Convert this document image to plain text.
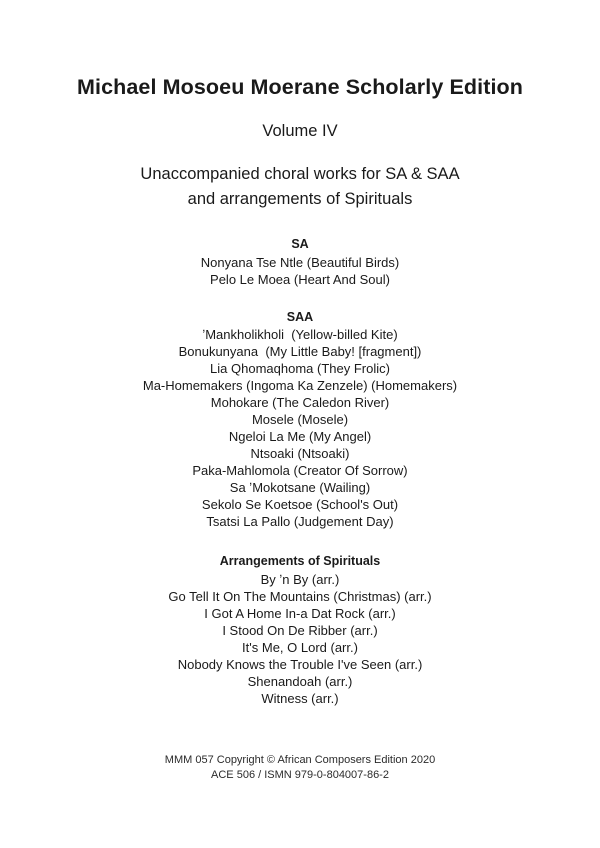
Michael Mosoeu Moerane Scholarly Edition
Volume IV
Unaccompanied choral works for SA & SAA
and arrangements of Spirituals
SA
Nonyana Tse Ntle (Beautiful Birds)
Pelo Le Moea (Heart And Soul)
SAA
ʼMankholikholi  (Yellow-billed Kite)
Bonukunyana  (My Little Baby! [fragment])
Lia Qhomaqhoma (They Frolic)
Ma-Homemakers (Ingoma Ka Zenzele) (Homemakers)
Mohokare (The Caledon River)
Mosele (Mosele)
Ngeloi La Me (My Angel)
Ntsoaki (Ntsoaki)
Paka-Mahlomola (Creator Of Sorrow)
Sa ʼMokotsane (Wailing)
Sekolo Se Koetsoe (School's Out)
Tsatsi La Pallo (Judgement Day)
Arrangements of Spirituals
By ʼn By (arr.)
Go Tell It On The Mountains (Christmas) (arr.)
I Got A Home In-a Dat Rock (arr.)
I Stood On De Ribber (arr.)
It's Me, O Lord (arr.)
Nobody Knows the Trouble I've Seen (arr.)
Shenandoah (arr.)
Witness (arr.)
MMM 057 Copyright © African Composers Edition 2020
ACE 506 / ISMN 979-0-804007-86-2
